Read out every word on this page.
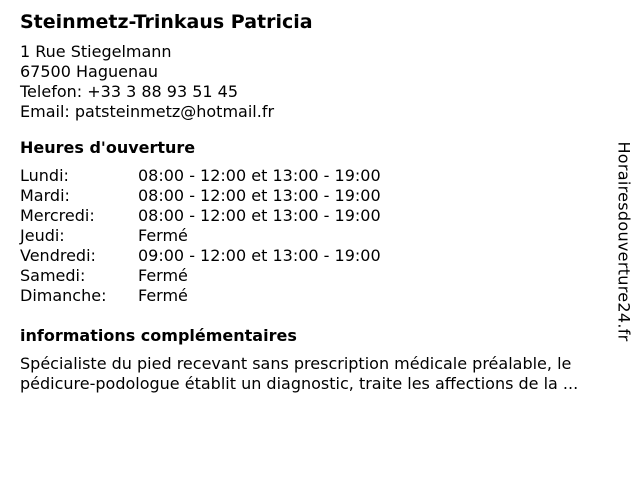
Steinmetz-Trinkaus Patricia
1 Rue Stiegelmann
67500 Haguenau
Telefon: +33 3 88 93 51 45
Email: patsteinmetz@hotmail.fr
Heures d'ouverture
Lundi:	08:00 - 12:00 et 13:00 - 19:00
Mardi:	08:00 - 12:00 et 13:00 - 19:00
Mercredi:	08:00 - 12:00 et 13:00 - 19:00
Jeudi:	Fermé
Vendredi:	09:00 - 12:00 et 13:00 - 19:00
Samedi:	Fermé
Dimanche:	Fermé
informations complémentaires
Spécialiste du pied recevant sans prescription médicale préalable, le pédicure-podologue établit un diagnostic, traite les affections de la ...
Horairesdouverture24.fr
